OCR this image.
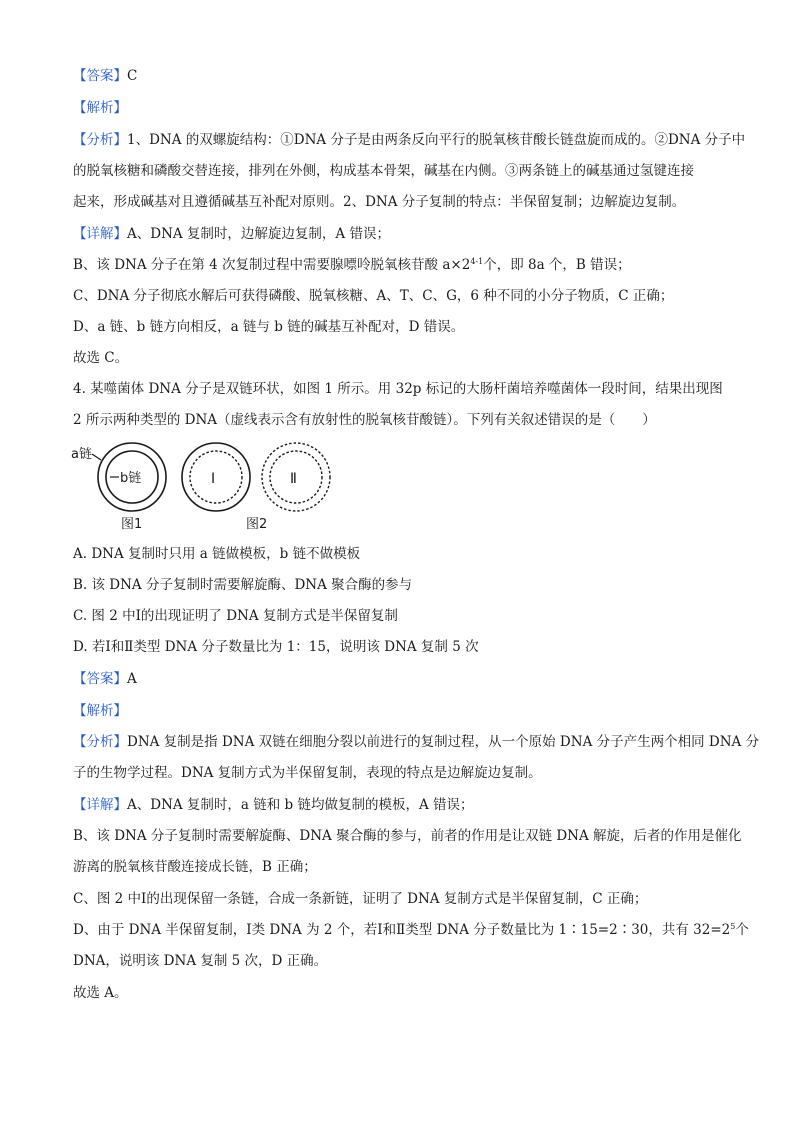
【答案】C
【解析】
【分析】1、DNA 的双螺旋结构：①DNA 分子是由两条反向平行的脱氧核苷酸长链盘旋而成的。②DNA 分子中
的脱氧核糖和磷酸交替连接，排列在外侧，构成基本骨架，碱基在内侧。③两条链上的碱基通过氢键连接
起来，形成碱基对且遵循碱基互补配对原则。2、DNA 分子复制的特点：半保留复制；边解旋边复制。
【详解】A、DNA 复制时，边解旋边复制，A 错误；
B、该 DNA 分子在第 4 次复制过程中需要腺嘌呤脱氧核苷酸 $a\times 2^{4-1}$个，即 8a 个，B 错误；
C、DNA 分子彻底水解后可获得磷酸、脱氧核糖、A、T、C、G，6 种不同的小分子物质，C 正确；
D、a 链、b 链方向相反，a 链与 b 链的碱基互补配对，D 错误。
故选 C。
4. 某噬菌体 DNA 分子是双链环状，如图 1 所示。用 32p 标记的大肠杆菌培养噬菌体一段时间，结果出现图
2 所示两种类型的 DNA（虚线表示含有放射性的脱氧核苷酸链）。下列有关叙述错误的是（　　）
a链
b链	Ⅰ	Ⅱ
图1	图2
A. DNA 复制时只用 a 链做模板，b 链不做模板
B. 该 DNA 分子复制时需要解旋酶、DNA 聚合酶的参与
C. 图 2 中Ⅰ的出现证明了 DNA 复制方式是半保留复制
D. 若Ⅰ和Ⅱ类型 DNA 分子数量比为 1：15，说明该 DNA 复制 5 次
【答案】A
【解析】
【分析】DNA 复制是指 DNA 双链在细胞分裂以前进行的复制过程，从一个原始 DNA 分子产生两个相同 DNA 分
子的生物学过程。DNA 复制方式为半保留复制，表现的特点是边解旋边复制。
【详解】A、DNA 复制时，a 链和 b 链均做复制的模板，A 错误；
B、该 DNA 分子复制时需要解旋酶、DNA 聚合酶的参与，前者的作用是让双链 DNA 解旋，后者的作用是催化
游离的脱氧核苷酸连接成长链，B 正确；
C、图 2 中Ⅰ的出现保留一条链，合成一条新链，证明了 DNA 复制方式是半保留复制，C 正确；
D、由于 DNA 半保留复制，Ⅰ类 DNA 为 2 个，若Ⅰ和Ⅱ类型 DNA 分子数量比为 1∶15=2∶30，共有 $32=2^5$个
DNA，说明该 DNA 复制 5 次，D 正确。
故选 A。
